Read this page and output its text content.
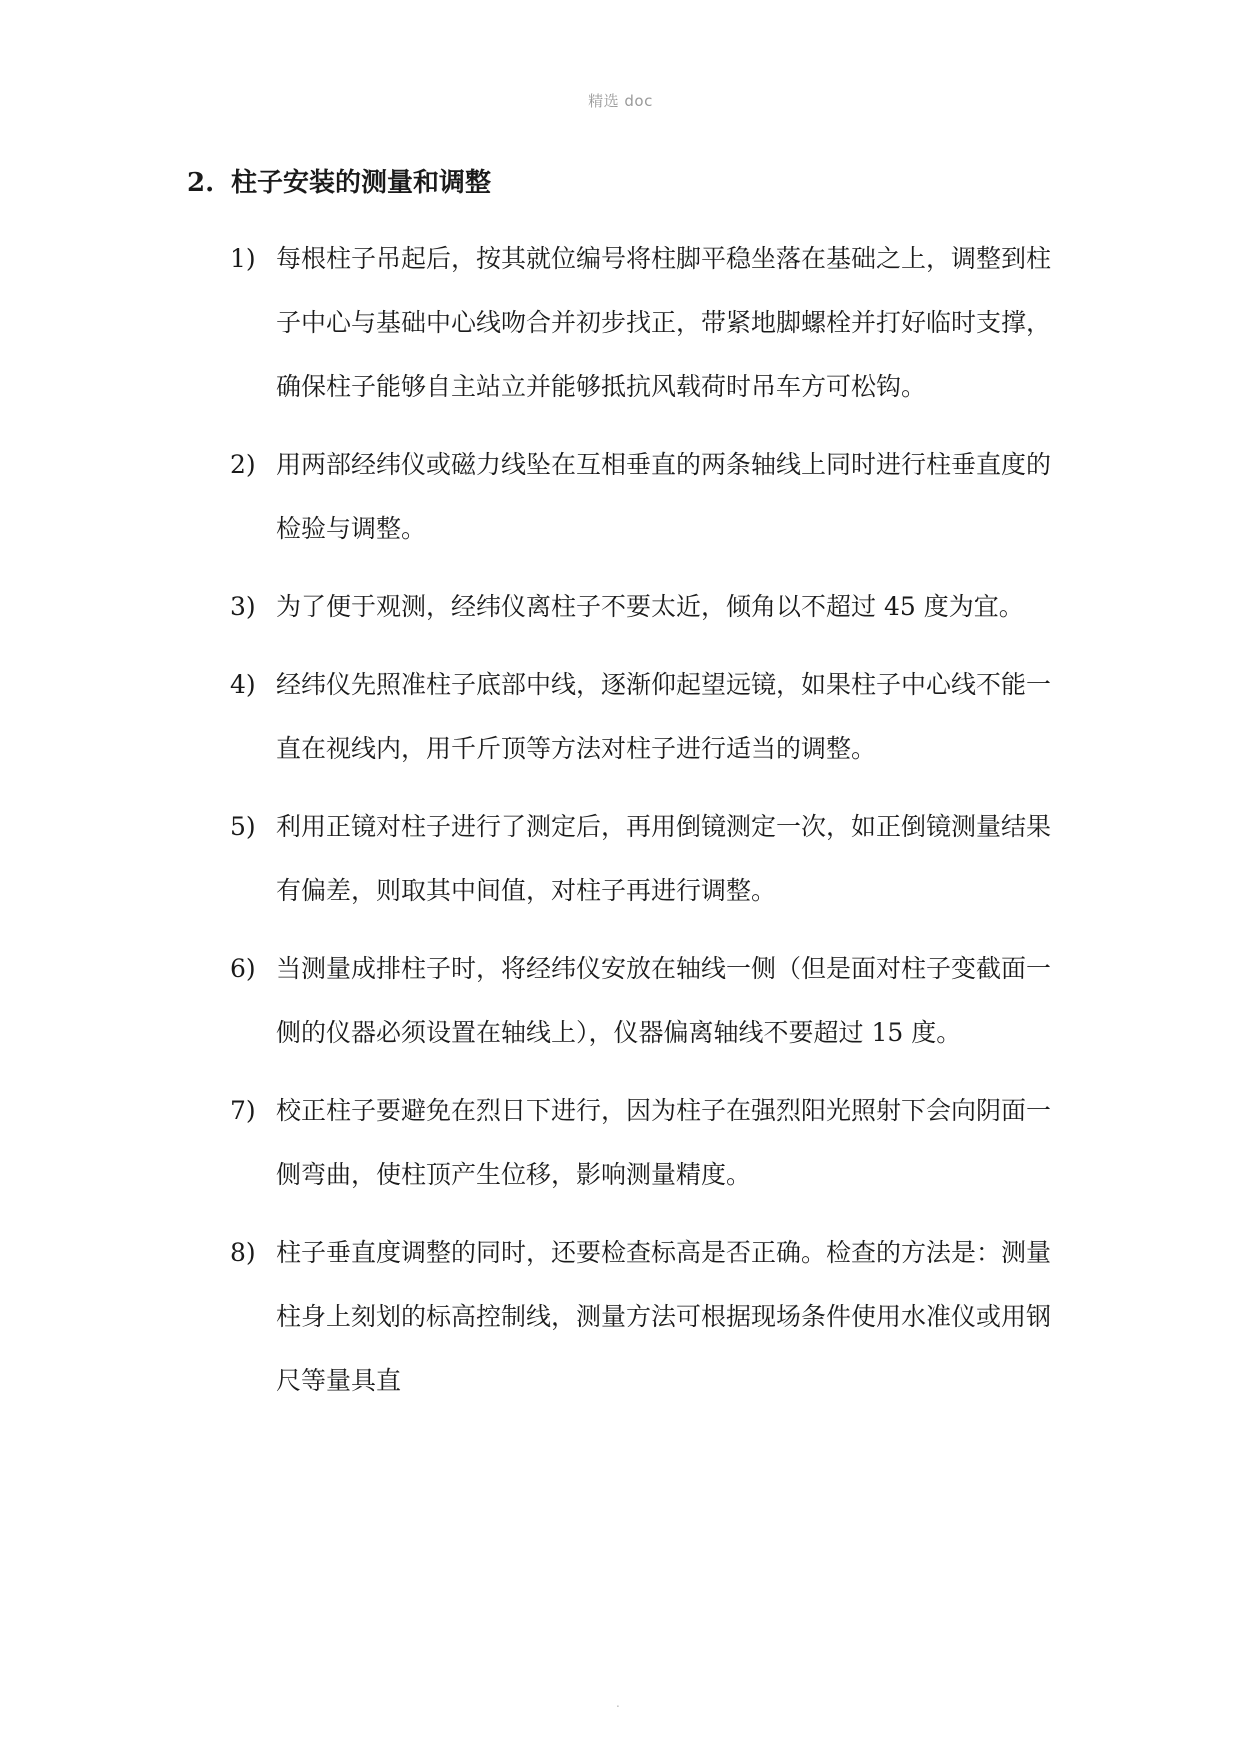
精选 doc
2. 柱子安装的测量和调整
1) 每根柱子吊起后，按其就位编号将柱脚平稳坐落在基础之上，调整到柱子中心与基础中心线吻合并初步找正，带紧地脚螺栓并打好临时支撑，确保柱子能够自主站立并能够抵抗风载荷时吊车方可松钩。

2) 用两部经纬仪或磁力线坠在互相垂直的两条轴线上同时进行柱垂直度的检验与调整。

3) 为了便于观测，经纬仪离柱子不要太近，倾角以不超过 45 度为宜。

4) 经纬仪先照准柱子底部中线，逐渐仰起望远镜，如果柱子中心线不能一直在视线内，用千斤顶等方法对柱子进行适当的调整。

5) 利用正镜对柱子进行了测定后，再用倒镜测定一次，如正倒镜测量结果有偏差，则取其中间值，对柱子再进行调整。

6) 当测量成排柱子时，将经纬仪安放在轴线一侧（但是面对柱子变截面一侧的仪器必须设置在轴线上），仪器偏离轴线不要超过 15 度。

7) 校正柱子要避免在烈日下进行，因为柱子在强烈阳光照射下会向阴面一侧弯曲，使柱顶产生位移，影响测量精度。

8) 柱子垂直度调整的同时，还要检查标高是否正确。检查的方法是：测量柱身上刻划的标高控制线，测量方法可根据现场条件使用水准仪或用钢尺等量具直

.
